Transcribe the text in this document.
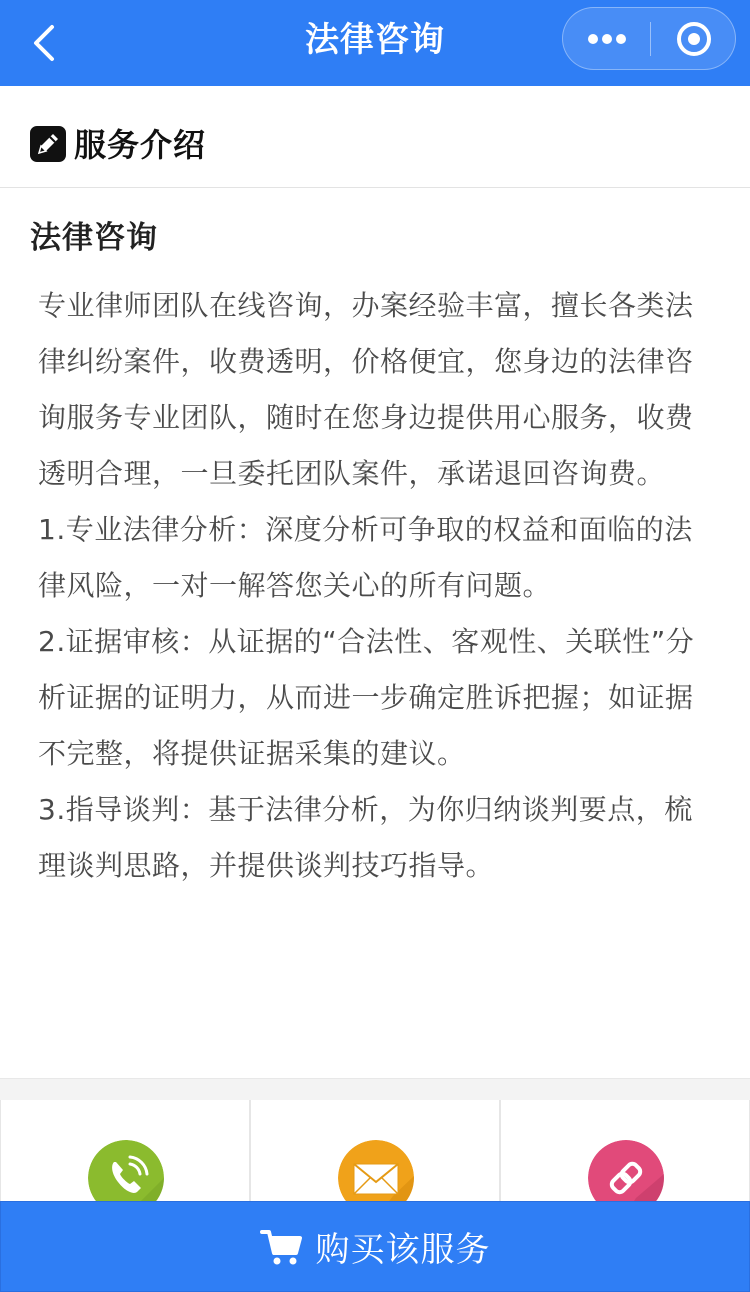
法律咨询
服务介绍
法律咨询

专业律师团队在线咨询，办案经验丰富，擅长各类法律纠纷案件，收费透明，价格便宜，您身边的法律咨询服务专业团队，随时在您身边提供用心服务，收费透明合理，一旦委托团队案件，承诺退回咨询费。

1.专业法律分析：深度分析可争取的权益和面临的法律风险，一对一解答您关心的所有问题。

2.证据审核：从证据的“合法性、客观性、关联性”分析证据的证明力，从而进一步确定胜诉把握；如证据不完整，将提供证据采集的建议。

3.指导谈判：基于法律分析，为你归纳谈判要点，梳理谈判思路，并提供谈判技巧指导。

购买该服务
